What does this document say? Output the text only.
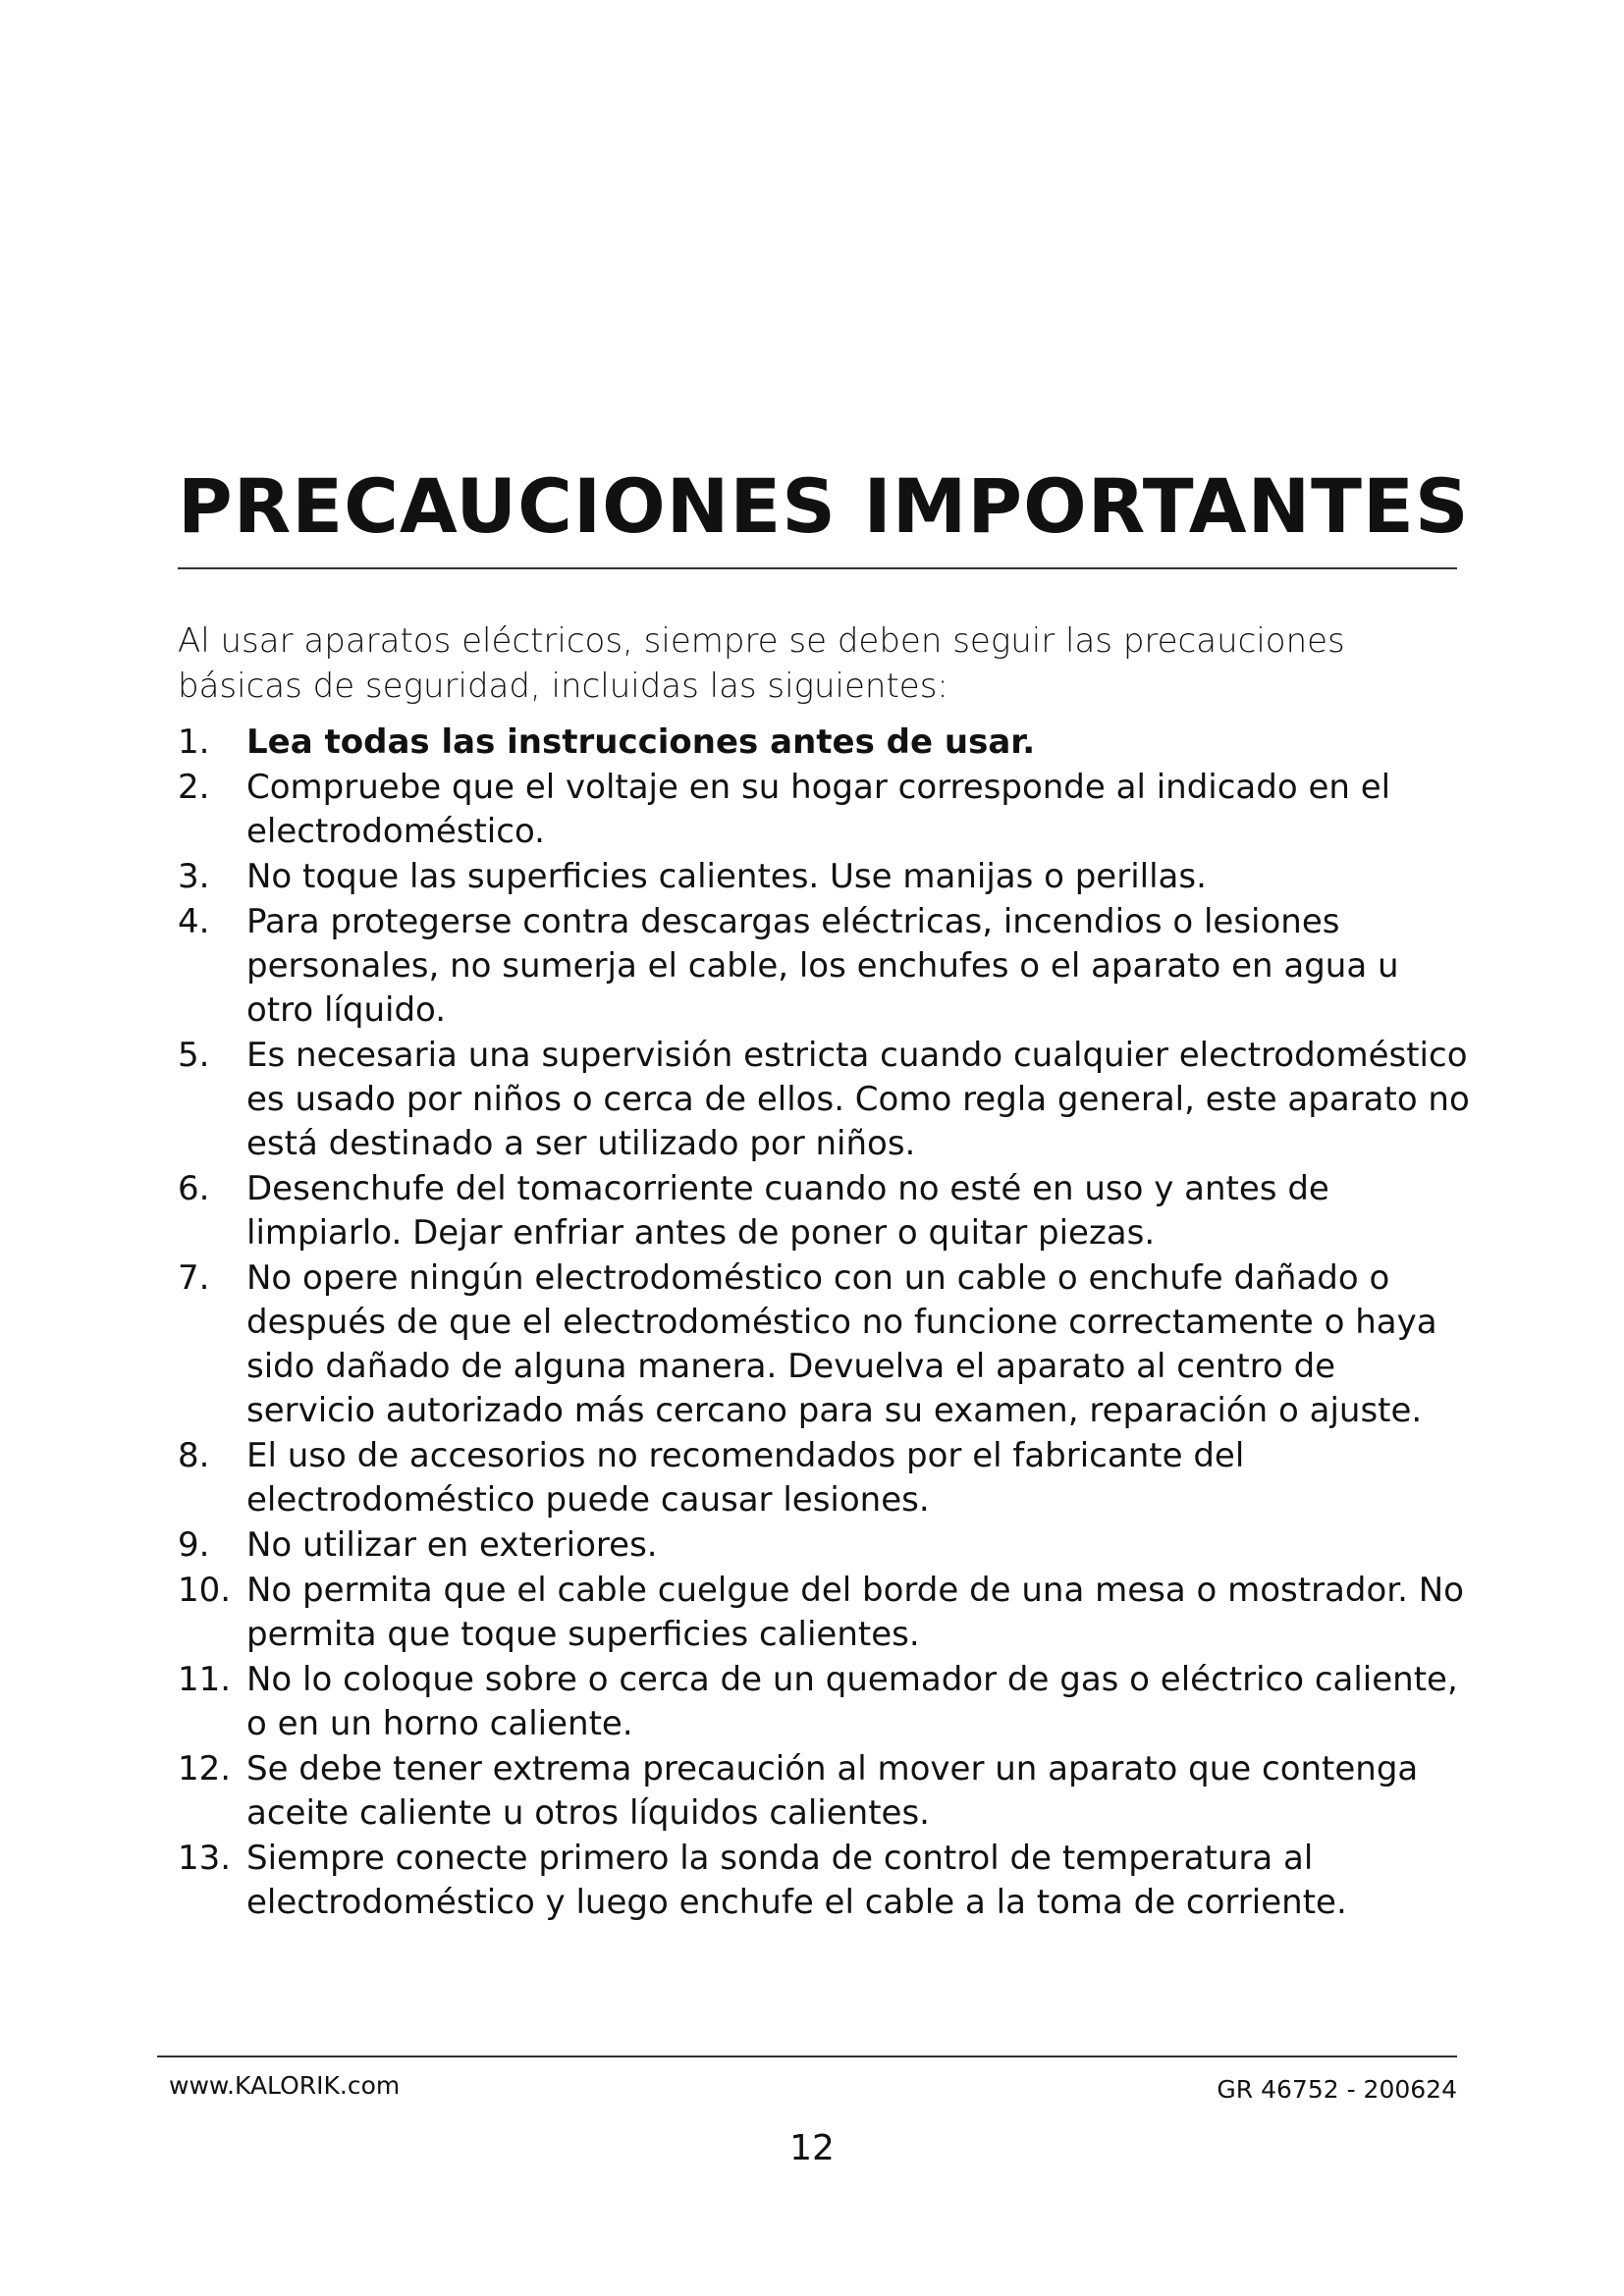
PRECAUCIONES IMPORTANTES

Al usar aparatos eléctricos, siempre se deben seguir las precauciones básicas de seguridad, incluidas las siguientes:

1. Lea todas las instrucciones antes de usar.
2. Compruebe que el voltaje en su hogar corresponde al indicado en el electrodoméstico.
3. No toque las superficies calientes. Use manijas o perillas.
4. Para protegerse contra descargas eléctricas, incendios o lesiones personales, no sumerja el cable, los enchufes o el aparato en agua u otro líquido.
5. Es necesaria una supervisión estricta cuando cualquier electrodoméstico es usado por niños o cerca de ellos. Como regla general, este aparato no está destinado a ser utilizado por niños.
6. Desenchufe del tomacorriente cuando no esté en uso y antes de limpiarlo. Dejar enfriar antes de poner o quitar piezas.
7. No opere ningún electrodoméstico con un cable o enchufe dañado o después de que el electrodoméstico no funcione correctamente o haya sido dañado de alguna manera. Devuelva el aparato al centro de servicio autorizado más cercano para su examen, reparación o ajuste.
8. El uso de accesorios no recomendados por el fabricante del electrodoméstico puede causar lesiones.
9. No utilizar en exteriores.
10. No permita que el cable cuelgue del borde de una mesa o mostrador. No permita que toque superficies calientes.
11. No lo coloque sobre o cerca de un quemador de gas o eléctrico caliente, o en un horno caliente.
12. Se debe tener extrema precaución al mover un aparato que contenga aceite caliente u otros líquidos calientes.
13. Siempre conecte primero la sonda de control de temperatura al electrodoméstico y luego enchufe el cable a la toma de corriente.
www.KALORIK.com	GR 46752 - 200624
12
